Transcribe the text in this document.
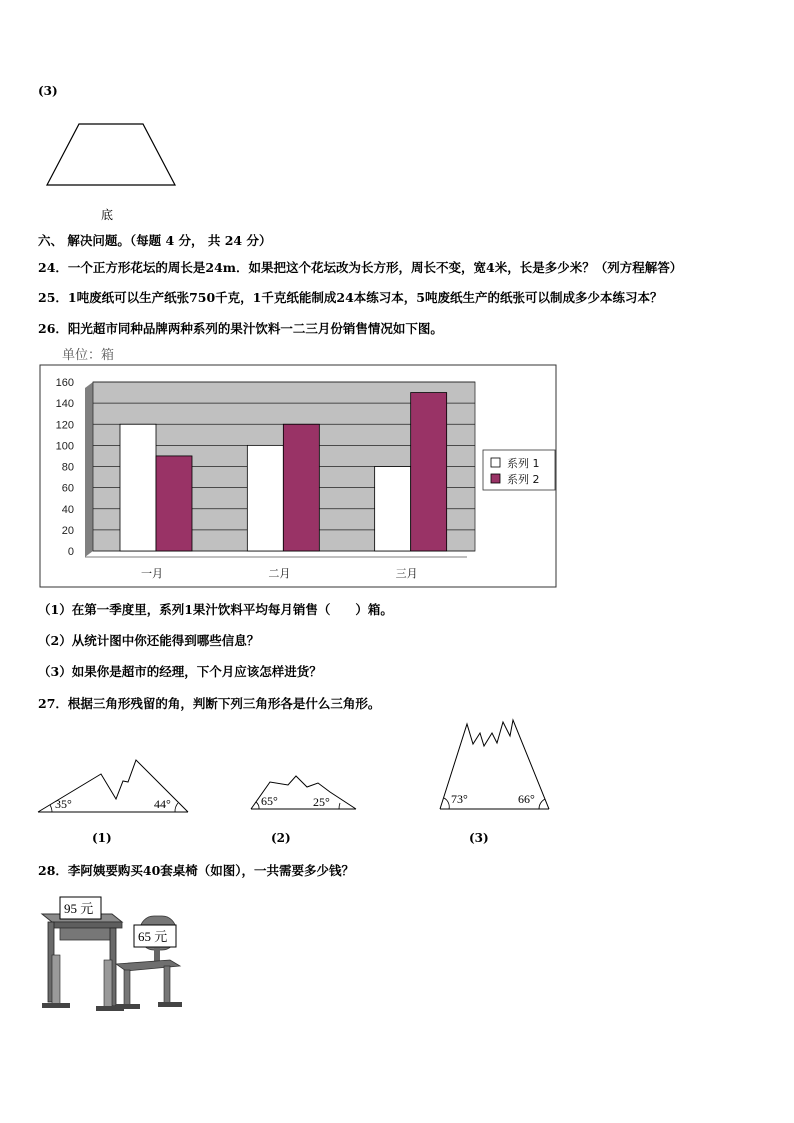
(3)
底
六、 解决问题。（每题 4 分， 共 24 分）
24．一个正方形花坛的周长是24m．如果把这个花坛改为长方形，周长不变，宽4米，长是多少米？（列方程解答）
25．1吨废纸可以生产纸张750千克，1千克纸能制成24本练习本，5吨废纸生产的纸张可以制成多少本练习本？
26．阳光超市同种品牌两种系列的果汁饮料一二三月份销售情况如下图。
单位：箱
0
20
40
60
80
100
120
140
160
一月	二月	三月
系列 1
系列 2
（1）在第一季度里，系列1果汁饮料平均每月销售（　　）箱。
（2）从统计图中你还能得到哪些信息？
（3）如果你是超市的经理，下个月应该怎样进货？
27．根据三角形残留的角，判断下列三角形各是什么三角形。
35°	44°	65°	25°	73°	66°
(1)	(2)	(3)
28．李阿姨要购买40套桌椅（如图），一共需要多少钱？
95 元
65 元
